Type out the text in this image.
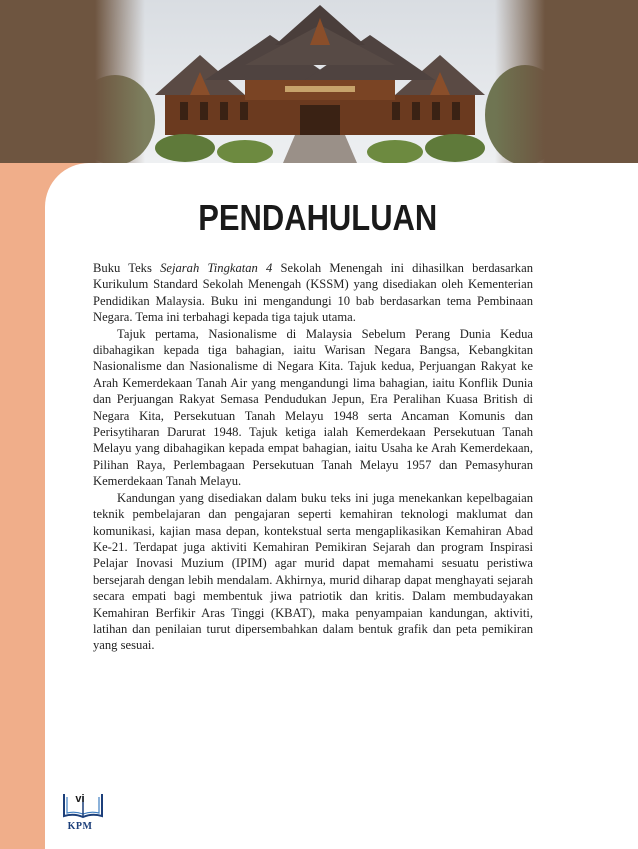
PENDAHULUAN

Buku Teks Sejarah Tingkatan 4 Sekolah Menengah ini dihasilkan berdasarkan Kurikulum Standard Sekolah Menengah (KSSM) yang disediakan oleh Kementerian Pendidikan Malaysia. Buku ini mengandungi 10 bab berdasarkan tema Pembinaan Negara. Tema ini terbahagi kepada tiga tajuk utama.

Tajuk pertama, Nasionalisme di Malaysia Sebelum Perang Dunia Kedua dibahagikan kepada tiga bahagian, iaitu Warisan Negara Bangsa, Kebangkitan Nasionalisme dan Nasionalisme di Negara Kita. Tajuk kedua, Perjuangan Rakyat ke Arah Kemerdekaan Tanah Air yang mengandungi lima bahagian, iaitu Konflik Dunia dan Perjuangan Rakyat Semasa Pendudukan Jepun, Era Peralihan Kuasa British di Negara Kita, Persekutuan Tanah Melayu 1948 serta Ancaman Komunis dan Perisytiharan Darurat 1948. Tajuk ketiga ialah Kemerdekaan Persekutuan Tanah Melayu yang dibahagikan kepada empat bahagian, iaitu Usaha ke Arah Kemerdekaan, Pilihan Raya, Perlembagaan Persekutuan Tanah Melayu 1957 dan Pemasyhuran Kemerdekaan Tanah Melayu.

Kandungan yang disediakan dalam buku teks ini juga menekankan kepelbagaian teknik pembelajaran dan pengajaran seperti kemahiran teknologi maklumat dan komunikasi, kajian masa depan, kontekstual serta mengaplikasikan Kemahiran Abad Ke-21. Terdapat juga aktiviti Kemahiran Pemikiran Sejarah dan program Inspirasi Pelajar Inovasi Muzium (IPIM) agar murid dapat memahami sesuatu peristiwa bersejarah dengan lebih mendalam. Akhirnya, murid diharap dapat menghayati sejarah secara empati bagi membentuk jiwa patriotik dan kritis. Dalam membudayakan Kemahiran Berfikir Aras Tinggi (KBAT), maka penyampaian kandungan, aktiviti, latihan dan penilaian turut dipersembahkan dalam bentuk grafik dan peta pemikiran yang sesuai.

vi
KPM
